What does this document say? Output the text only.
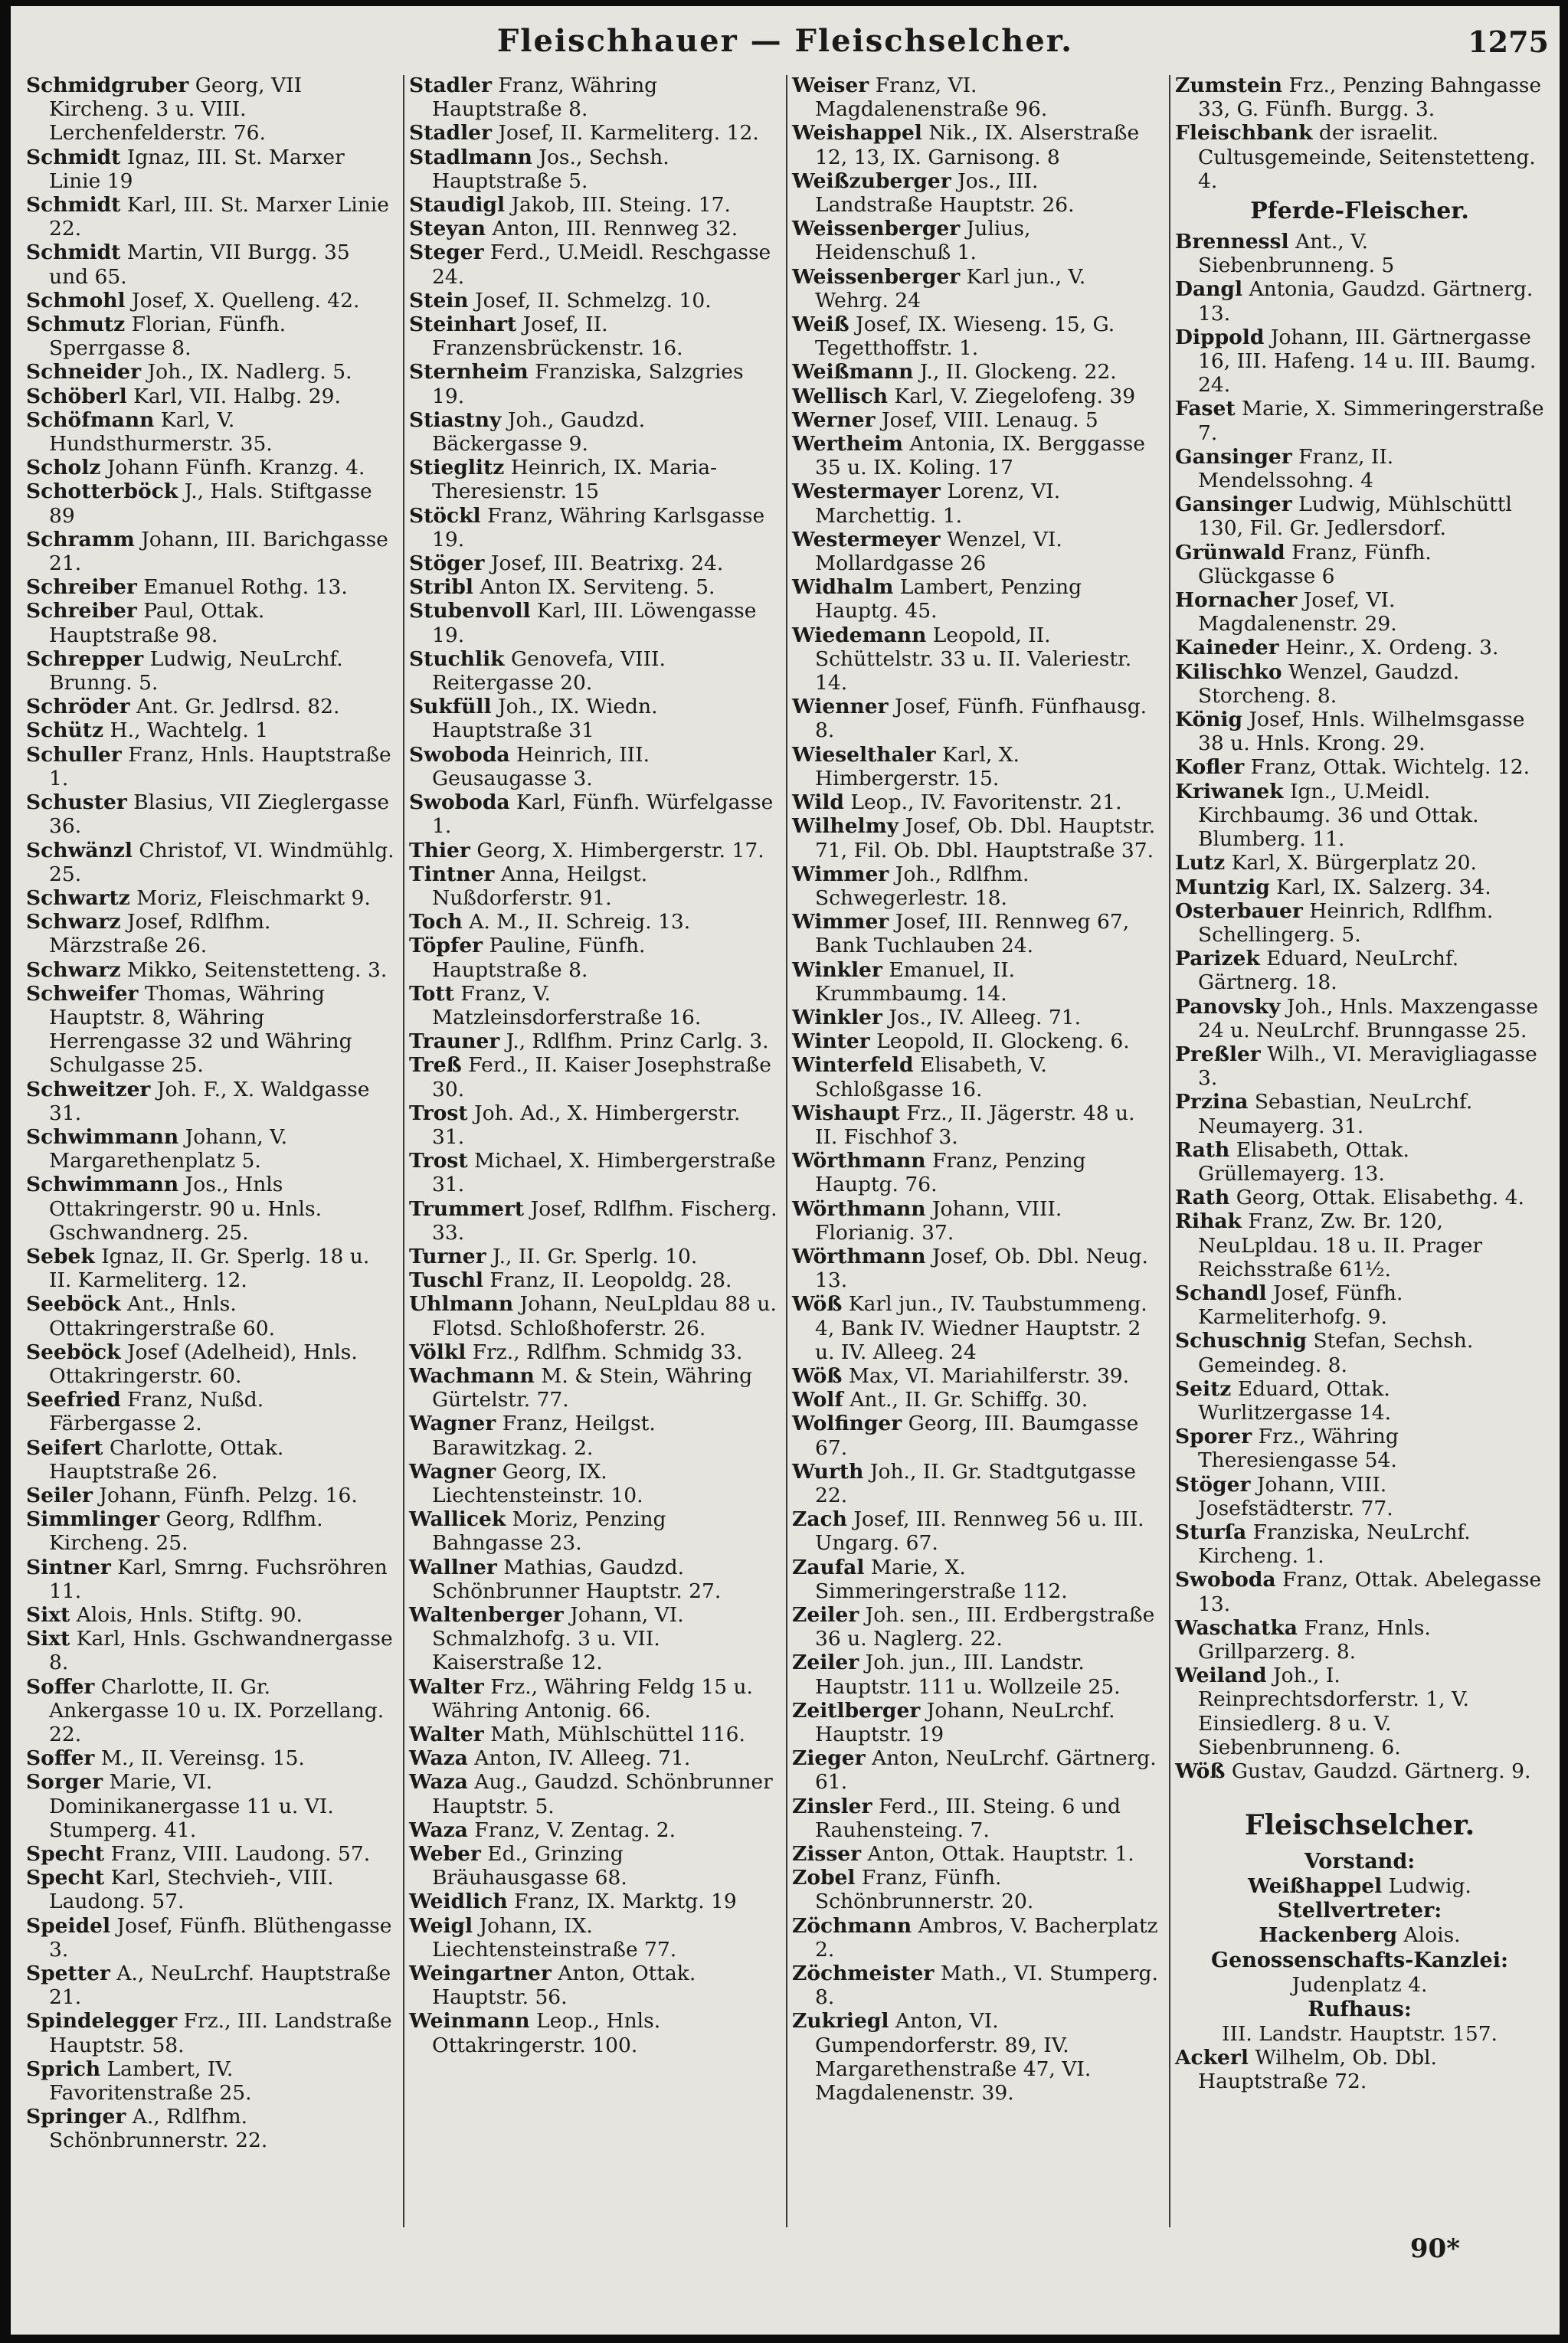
Fleischhauer — Fleischselcher.	1275

Schmidgruber Georg, VII Kircheng. 3 u. VIII. Lerchenfelderstr. 76.

Schmidt Ignaz, III. St. Marxer Linie 19

Schmidt Karl, III. St. Marxer Linie 22.

Schmidt Martin, VII Burgg. 35 und 65.

Schmohl Josef, X. Quelleng. 42.

Schmutz Florian, Fünfh. Sperrgasse 8.

Schneider Joh., IX. Nadlerg. 5.

Schöberl Karl, VII. Halbg. 29.

Schöfmann Karl, V. Hundsthurmerstr. 35.

Scholz Johann Fünfh. Kranzg. 4.

Schotterböck J., Hals. Stiftgasse 89

Schramm Johann, III. Barichgasse 21.

Schreiber Emanuel Rothg. 13.

Schreiber Paul, Ottak. Hauptstraße 98.

Schrepper Ludwig, NeuLrchf. Brunng. 5.

Schröder Ant. Gr. Jedlrsd. 82.

Schütz H., Wachtelg. 1

Schuller Franz, Hnls. Hauptstraße 1.

Schuster Blasius, VII Zieglergasse 36.

Schwänzl Christof, VI. Windmühlg. 25.

Schwartz Moriz, Fleischmarkt 9.

Schwarz Josef, Rdlfhm. Märzstraße 26.

Schwarz Mikko, Seitenstetteng. 3.

Schweifer Thomas, Währing Hauptstr. 8, Währing Herrengasse 32 und Währing Schulgasse 25.

Schweitzer Joh. F., X. Waldgasse 31.

Schwimmann Johann, V. Margarethenplatz 5.

Schwimmann Jos., Hnls Ottakringerstr. 90 u. Hnls. Gschwandnerg. 25.

Sebek Ignaz, II. Gr. Sperlg. 18 u. II. Karmeliterg. 12.

Seeböck Ant., Hnls. Ottakringerstraße 60.

Seeböck Josef (Adelheid), Hnls. Ottakringerstr. 60.

Seefried Franz, Nußd. Färbergasse 2.

Seifert Charlotte, Ottak. Hauptstraße 26.

Seiler Johann, Fünfh. Pelzg. 16.

Simmlinger Georg, Rdlfhm. Kircheng. 25.

Sintner Karl, Smrng. Fuchsröhren 11.

Sixt Alois, Hnls. Stiftg. 90.

Sixt Karl, Hnls. Gschwandnergasse 8.

Soffer Charlotte, II. Gr. Ankergasse 10 u. IX. Porzellang. 22.

Soffer M., II. Vereinsg. 15.

Sorger Marie, VI. Dominikanergasse 11 u. VI. Stumperg. 41.

Specht Franz, VIII. Laudong. 57.

Specht Karl, Stechvieh-, VIII. Laudong. 57.

Speidel Josef, Fünfh. Blüthengasse 3.

Spetter A., NeuLrchf. Hauptstraße 21.

Spindelegger Frz., III. Landstraße Hauptstr. 58.

Sprich Lambert, IV. Favoritenstraße 25.

Springer A., Rdlfhm. Schönbrunnerstr. 22.

Stadler Franz, Währing Hauptstraße 8.

Stadler Josef, II. Karmeliterg. 12.

Stadlmann Jos., Sechsh. Hauptstraße 5.

Staudigl Jakob, III. Steing. 17.

Steyan Anton, III. Rennweg 32.

Steger Ferd., U.Meidl. Reschgasse 24.

Stein Josef, II. Schmelzg. 10.

Steinhart Josef, II. Franzensbrückenstr. 16.

Sternheim Franziska, Salzgries 19.

Stiastny Joh., Gaudzd. Bäckergasse 9.

Stieglitz Heinrich, IX. Maria-Theresienstr. 15

Stöckl Franz, Währing Karlsgasse 19.

Stöger Josef, III. Beatrixg. 24.

Stribl Anton IX. Serviteng. 5.

Stubenvoll Karl, III. Löwengasse 19.

Stuchlik Genovefa, VIII. Reitergasse 20.

Sukfüll Joh., IX. Wiedn. Hauptstraße 31

Swoboda Heinrich, III. Geusaugasse 3.

Swoboda Karl, Fünfh. Würfelgasse 1.

Thier Georg, X. Himbergerstr. 17.

Tintner Anna, Heilgst. Nußdorferstr. 91.

Toch A. M., II. Schreig. 13.

Töpfer Pauline, Fünfh. Hauptstraße 8.

Tott Franz, V. Matzleinsdorferstraße 16.

Trauner J., Rdlfhm. Prinz Carlg. 3.

Treß Ferd., II. Kaiser Josephstraße 30.

Trost Joh. Ad., X. Himbergerstr. 31.

Trost Michael, X. Himbergerstraße 31.

Trummert Josef, Rdlfhm. Fischerg. 33.

Turner J., II. Gr. Sperlg. 10.

Tuschl Franz, II. Leopoldg. 28.

Uhlmann Johann, NeuLpldau 88 u. Flotsd. Schloßhoferstr. 26.

Völkl Frz., Rdlfhm. Schmidg 33.

Wachmann M. & Stein, Währing Gürtelstr. 77.

Wagner Franz, Heilgst. Barawitzkag. 2.

Wagner Georg, IX. Liechtensteinstr. 10.

Wallicek Moriz, Penzing Bahngasse 23.

Wallner Mathias, Gaudzd. Schönbrunner Hauptstr. 27.

Waltenberger Johann, VI. Schmalzhofg. 3 u. VII. Kaiserstraße 12.

Walter Frz., Währing Feldg 15 u. Währing Antonig. 66.

Walter Math, Mühlschüttel 116.

Waza Anton, IV. Alleeg. 71.

Waza Aug., Gaudzd. Schönbrunner Hauptstr. 5.

Waza Franz, V. Zentag. 2.

Weber Ed., Grinzing Bräuhausgasse 68.

Weidlich Franz, IX. Marktg. 19

Weigl Johann, IX. Liechtensteinstraße 77.

Weingartner Anton, Ottak. Hauptstr. 56.

Weinmann Leop., Hnls. Ottakringerstr. 100.

Weiser Franz, VI. Magdalenenstraße 96.

Weishappel Nik., IX. Alserstraße 12, 13, IX. Garnisong. 8

Weißzuberger Jos., III. Landstraße Hauptstr. 26.

Weissenberger Julius, Heidenschuß 1.

Weissenberger Karl jun., V. Wehrg. 24

Weiß Josef, IX. Wieseng. 15, G. Tegetthoffstr. 1.

Weißmann J., II. Glockeng. 22.

Wellisch Karl, V. Ziegelofeng. 39

Werner Josef, VIII. Lenaug. 5

Wertheim Antonia, IX. Berggasse 35 u. IX. Koling. 17

Westermayer Lorenz, VI. Marchettig. 1.

Westermeyer Wenzel, VI. Mollardgasse 26

Widhalm Lambert, Penzing Hauptg. 45.

Wiedemann Leopold, II. Schüttelstr. 33 u. II. Valeriestr. 14.

Wienner Josef, Fünfh. Fünfhausg. 8.

Wieselthaler Karl, X. Himbergerstr. 15.

Wild Leop., IV. Favoritenstr. 21.

Wilhelmy Josef, Ob. Dbl. Hauptstr. 71, Fil. Ob. Dbl. Hauptstraße 37.

Wimmer Joh., Rdlfhm. Schwegerlestr. 18.

Wimmer Josef, III. Rennweg 67, Bank Tuchlauben 24.

Winkler Emanuel, II. Krummbaumg. 14.

Winkler Jos., IV. Alleeg. 71.

Winter Leopold, II. Glockeng. 6.

Winterfeld Elisabeth, V. Schloßgasse 16.

Wishaupt Frz., II. Jägerstr. 48 u. II. Fischhof 3.

Wörthmann Franz, Penzing Hauptg. 76.

Wörthmann Johann, VIII. Florianig. 37.

Wörthmann Josef, Ob. Dbl. Neug. 13.

Wöß Karl jun., IV. Taubstummeng. 4, Bank IV. Wiedner Hauptstr. 2 u. IV. Alleeg. 24

Wöß Max, VI. Mariahilferstr. 39.

Wolf Ant., II. Gr. Schiffg. 30.

Wolfinger Georg, III. Baumgasse 67.

Wurth Joh., II. Gr. Stadtgutgasse 22.

Zach Josef, III. Rennweg 56 u. III. Ungarg. 67.

Zaufal Marie, X. Simmeringerstraße 112.

Zeiler Joh. sen., III. Erdbergstraße 36 u. Naglerg. 22.

Zeiler Joh. jun., III. Landstr. Hauptstr. 111 u. Wollzeile 25.

Zeitlberger Johann, NeuLrchf. Hauptstr. 19

Zieger Anton, NeuLrchf. Gärtnerg. 61.

Zinsler Ferd., III. Steing. 6 und Rauhensteing. 7.

Zisser Anton, Ottak. Hauptstr. 1.

Zobel Franz, Fünfh. Schönbrunnerstr. 20.

Zöchmann Ambros, V. Bacherplatz 2.

Zöchmeister Math., VI. Stumperg. 8.

Zukriegl Anton, VI. Gumpendorferstr. 89, IV. Margarethenstraße 47, VI. Magdalenenstr. 39.

Zumstein Frz., Penzing Bahngasse 33, G. Fünfh. Burgg. 3.

Fleischbank der israelit. Cultusgemeinde, Seitenstetteng. 4.

Pferde-Fleischer.

Brennessl Ant., V. Siebenbrunneng. 5

Dangl Antonia, Gaudzd. Gärtnerg. 13.

Dippold Johann, III. Gärtnergasse 16, III. Hafeng. 14 u. III. Baumg. 24.

Faset Marie, X. Simmeringerstraße 7.

Gansinger Franz, II. Mendelssohng. 4

Gansinger Ludwig, Mühlschüttl 130, Fil. Gr. Jedlersdorf.

Grünwald Franz, Fünfh. Glückgasse 6

Hornacher Josef, VI. Magdalenenstr. 29.

Kaineder Heinr., X. Ordeng. 3.

Kilischko Wenzel, Gaudzd. Storcheng. 8.

König Josef, Hnls. Wilhelmsgasse 38 u. Hnls. Krong. 29.

Kofler Franz, Ottak. Wichtelg. 12.

Kriwanek Ign., U.Meidl. Kirchbaumg. 36 und Ottak. Blumberg. 11.

Lutz Karl, X. Bürgerplatz 20.

Muntzig Karl, IX. Salzerg. 34.

Osterbauer Heinrich, Rdlfhm. Schellingerg. 5.

Parizek Eduard, NeuLrchf. Gärtnerg. 18.

Panovsky Joh., Hnls. Maxzengasse 24 u. NeuLrchf. Brunngasse 25.

Preßler Wilh., VI. Meravigliagasse 3.

Przina Sebastian, NeuLrchf. Neumayerg. 31.

Rath Elisabeth, Ottak. Grüllemayerg. 13.

Rath Georg, Ottak. Elisabethg. 4.

Rihak Franz, Zw. Br. 120, NeuLpldau. 18 u. II. Prager Reichsstraße 61½.

Schandl Josef, Fünfh. Karmeliterhofg. 9.

Schuschnig Stefan, Sechsh. Gemeindeg. 8.

Seitz Eduard, Ottak. Wurlitzergasse 14.

Sporer Frz., Währing Theresiengasse 54.

Stöger Johann, VIII. Josefstädterstr. 77.

Sturſa Franziska, NeuLrchf. Kircheng. 1.

Swoboda Franz, Ottak. Abelegasse 13.

Waschatka Franz, Hnls. Grillparzerg. 8.

Weiland Joh., I. Reinprechtsdorferstr. 1, V. Einsiedlerg. 8 u. V. Siebenbrunneng. 6.

Wöß Gustav, Gaudzd. Gärtnerg. 9.

Fleischselcher.
Vorstand:
Weißhappel Ludwig.
Stellvertreter:
Hackenberg Alois.
Genossenschafts-Kanzlei:
Judenplatz 4.
Rufhaus:
III. Landstr. Hauptstr. 157.

Ackerl Wilhelm, Ob. Dbl. Hauptstraße 72.

90*
